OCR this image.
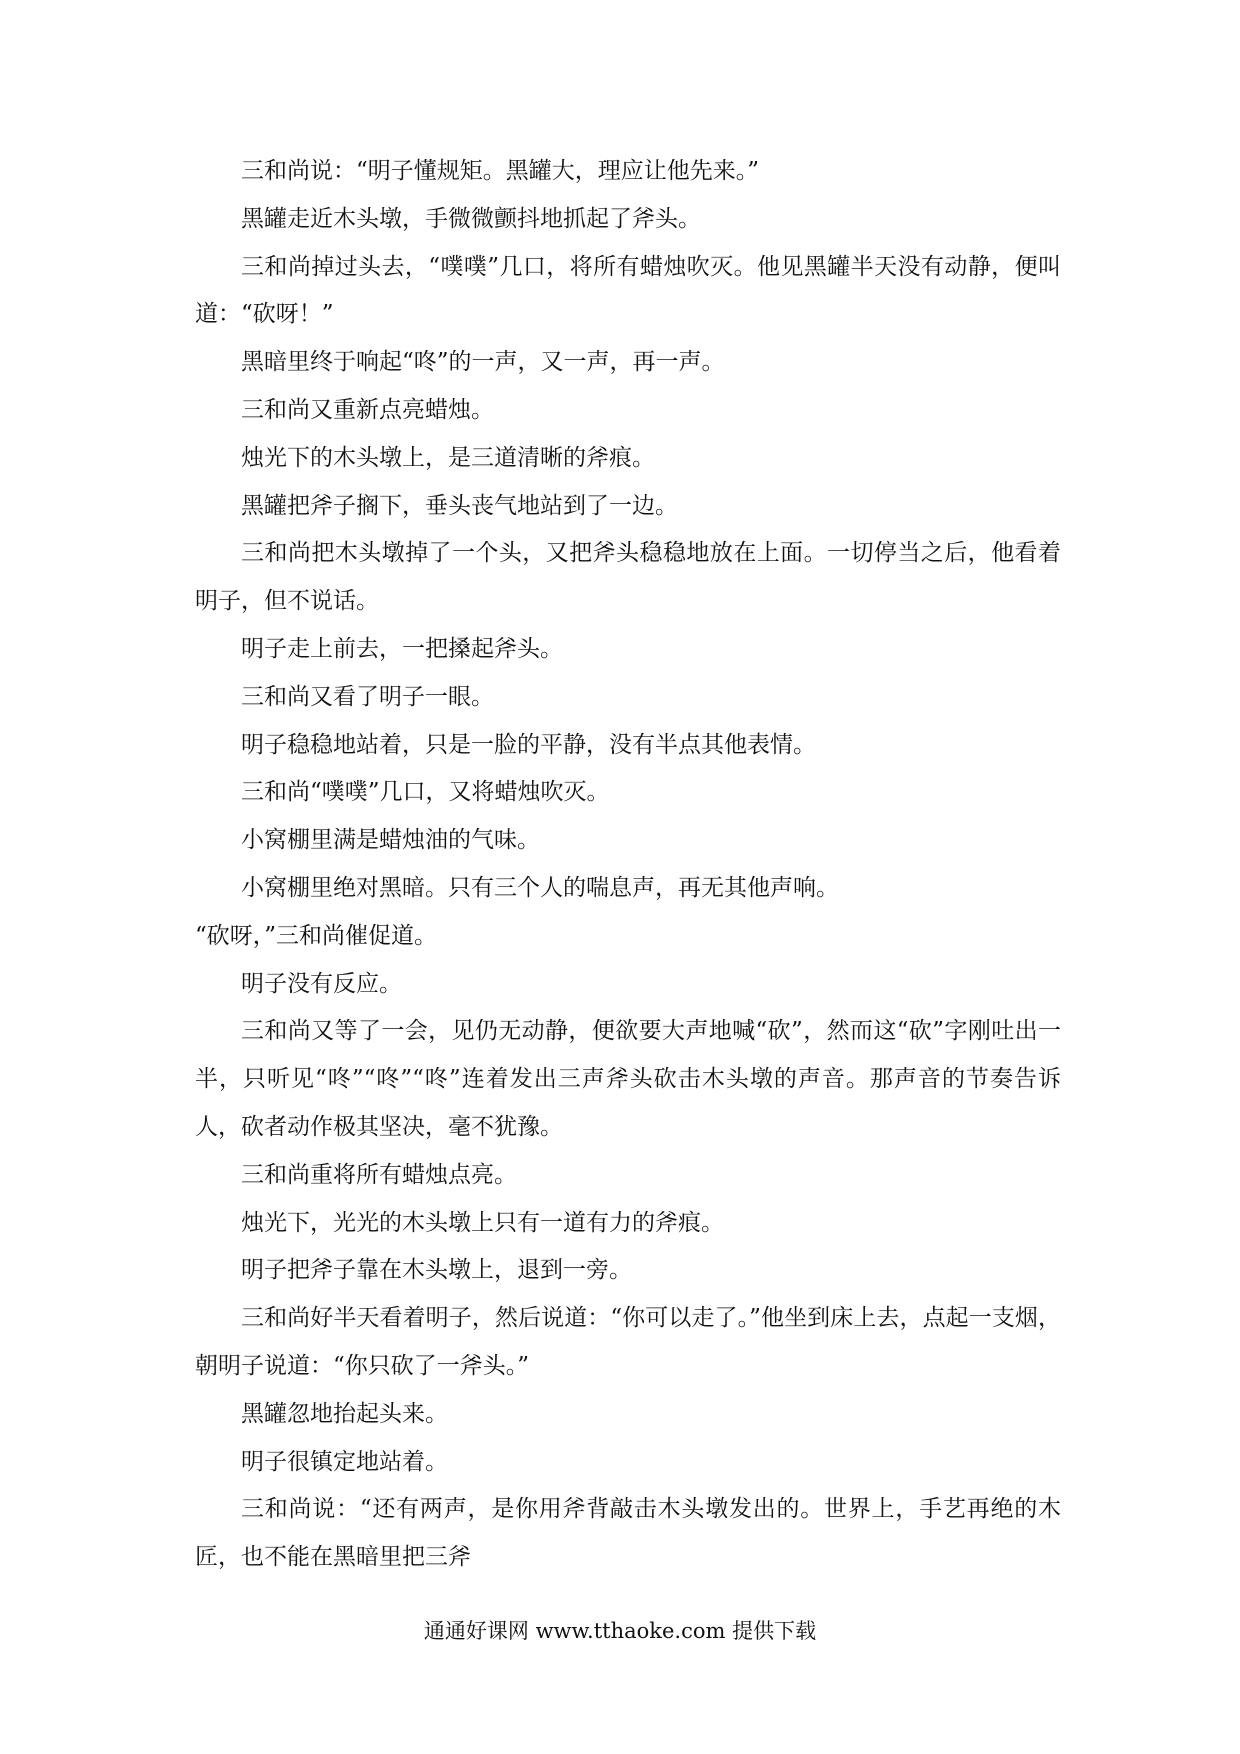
三和尚说：“明子懂规矩。黑罐大，理应让他先来。”

黑罐走近木头墩，手微微颤抖地抓起了斧头。

三和尚掉过头去，“噗噗”几口，将所有蜡烛吹灭。他见黑罐半天没有动静，便叫道：“砍呀！”

黑暗里终于响起“咚”的一声，又一声，再一声。

三和尚又重新点亮蜡烛。

烛光下的木头墩上，是三道清晰的斧痕。

黑罐把斧子搁下，垂头丧气地站到了一边。

三和尚把木头墩掉了一个头，又把斧头稳稳地放在上面。一切停当之后，他看着明子，但不说话。

明子走上前去，一把搡起斧头。

三和尚又看了明子一眼。

明子稳稳地站着，只是一脸的平静，没有半点其他表情。

三和尚“噗噗”几口，又将蜡烛吹灭。

小窝棚里满是蜡烛油的气味。

小窝棚里绝对黑暗。只有三个人的喘息声，再无其他声响。

“砍呀，”三和尚催促道。

明子没有反应。

三和尚又等了一会，见仍无动静，便欲要大声地喊“砍”，然而这“砍”字刚吐出一半，只听见“咚”“咚”“咚”连着发出三声斧头砍击木头墩的声音。那声音的节奏告诉人，砍者动作极其坚决，毫不犹豫。

三和尚重将所有蜡烛点亮。

烛光下，光光的木头墩上只有一道有力的斧痕。

明子把斧子靠在木头墩上，退到一旁。

三和尚好半天看着明子，然后说道：“你可以走了。”他坐到床上去，点起一支烟，朝明子说道：“你只砍了一斧头。”

黑罐忽地抬起头来。

明子很镇定地站着。

三和尚说：“还有两声，是你用斧背敲击木头墩发出的。世界上，手艺再绝的木匠，也不能在黑暗里把三斧

通通好课网 www.tthaoke.com 提供下载
